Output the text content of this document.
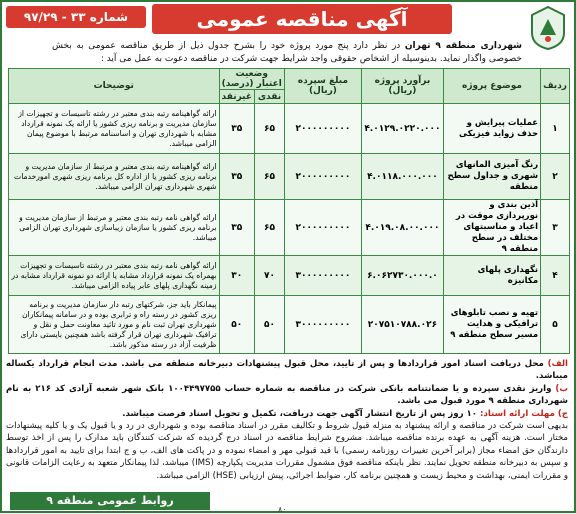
شماره ۳۳ - ۹۷/۲۹	آگهی مناقصه عمومی
شهرداری منطقه ۹ تهران در نظر دارد پنج مورد پروژه خود را بشرح جدول ذیل از طریق مناقصه عمومی به بخش خصوصی واگذار نماید. بدینوسیله از اشخاص حقوقی واجد شرایط جهت شرکت در مناقصه دعوت به عمل می آید :
ردیف	موضوع پروژه	برآورد پروژه (ریال)	مبلغ سپرده (ریال)	وضعیت اعتبار (درصد)		توضیحات
				نقدی	غیرنقد	
۱	عملیات پیرایش و حذف زواید فیزیکی	۴.۰۱۲۹.۰۲۲۰.۰۰۰	۲۰۰۰۰۰۰۰۰۰	۶۵	۳۵	ارائه گواهینامه رتبه بندی معتبر در رشته تاسیسات و تجهیزات از سازمان مدیریت و برنامه ریزی کشور یا ارائه یک نمونه قرارداد مشابه با شهرداری تهران و اساسنامه مرتبط با موضوع پیمان الزامی میباشد.
۲	رنگ آمیزی المانهای شهری و جداول سطح منطقه	۴.۰۱۱۸.۰۰۰.۰۰۰	۲۰۰۰۰۰۰۰۰۰	۶۵	۳۵	ارائه گواهینامه رتبه بندی معتبر و مرتبط از سازمان مدیریت و برنامه ریزی کشور یا از اداره کل برنامه ریزی شهری امورخدمات شهری شهرداری تهران الزامی میباشد.
۳	آذین بندی و نورپردازی موقت در اعیاد و مناسبتهای مختلف در سطح منطقه ۹	۴.۰۱۹.۰۸.۰۰.۰۰۰	۲۰۰۰۰۰۰۰۰۰	۶۵	۳۵	ارائه گواهی نامه رتبه بندی معتبر و مرتبط از سازمان مدیریت و برنامه ریزی کشور یا سازمان زیباسازی شهرداری تهران الزامی میباشد.
۴	نگهداری پلهای مکانیزه	۶.۰۶۲۷۳۰.۰۰۰.۰	۳۰۰۰۰۰۰۰۰۰	۷۰	۳۰	ارائه گواهی نامه رتبه بندی معتبر در رشته تاسیسات و تجهیزات بهمراه یک نمونه قرارداد مشابه یا ارائه دو نمونه قرارداد مشابه در زمینه نگهداری پلهای عابر پیاده الزامی میباشد.
۵	تهیه و نصب تابلوهای ترافیکی و هدایت مسیر سطح منطقه ۹	۲۰۷۵۱۰۷۸۸.۰۲۶	۳۰۰۰۰۰۰۰۰۰	۵۰	۵۰	پیمانکار باید جز، شرکتهای رتبه دار سازمان مدیریت و برنامه ریزی کشور در رسته راه و ترابری بوده و در سامانه پیمانکاران شهرداری تهران ثبت نام و مورد تائید معاونت حمل و نقل و ترافیک شهرداری تهران قرار گرفته باشد همچنین بایستی دارای ظرفیت آزاد در رسته مذکور باشد.
الف) محل دریافت اسناد امور قراردادها و پس از تایید، محل قبول پیشنهادات دبیرخانه منطقه می باشد. مدت انجام قرارداد یکساله میباشد.
ب) واریز نقدی سپرده و یا ضمانتنامه بانکی شرکت در مناقصه به شماره حساب ۱۰۰۴۴۹۷۷۵۵ بانک شهر شعبه آزادی کد ۲۱۶ به نام شهرداری منطقه ۹ مورد قبول می باشد.
ج) مهلت ارائه اسناد: ۱۰ روز پس از تاریخ انتشار آگهی جهت دریافت، تکمیل و تحویل اسناد فرصت میباشد.
بدیهی است شرکت در مناقصه و ارائه پیشنهاد به منزله قبول شروط و تکالیف مقرر در اسناد مناقصه بوده و شهرداری در رد و یا قبول یک و یا کلیه پیشنهادات مختار است. هزینه آگهی به عهده برنده مناقصه میباشد. مشروح شرایط مناقصه در اسناد درج گردیده که شرکت کنندگان باید مدارک را پس از اخذ توسط دارندگان حق امضاء مجاز (برابر آخرین تغییرات روزنامه رسمی) با قید قبولی مهر و امضاء نموده و در پاکت های الف، ب و ج ابتدا برای تایید به امور قراردادها و سپس به دبیرخانه منطقه تحویل نمایند. نظر باینکه مناقصه فوق مشمول مقررات مدیریت پکپارچه (IMS) میباشد، لذا پیمانکار متعهد به رعایت الزامات قانونی و مقررات ایمنی، بهداشت و محیط زیست و همچنین برنامه کار، ضوابط اجرائی، پیش ارزیابی (HSE) الزامی میباشد.
روابط عمومی منطقه ۹
۸۰
